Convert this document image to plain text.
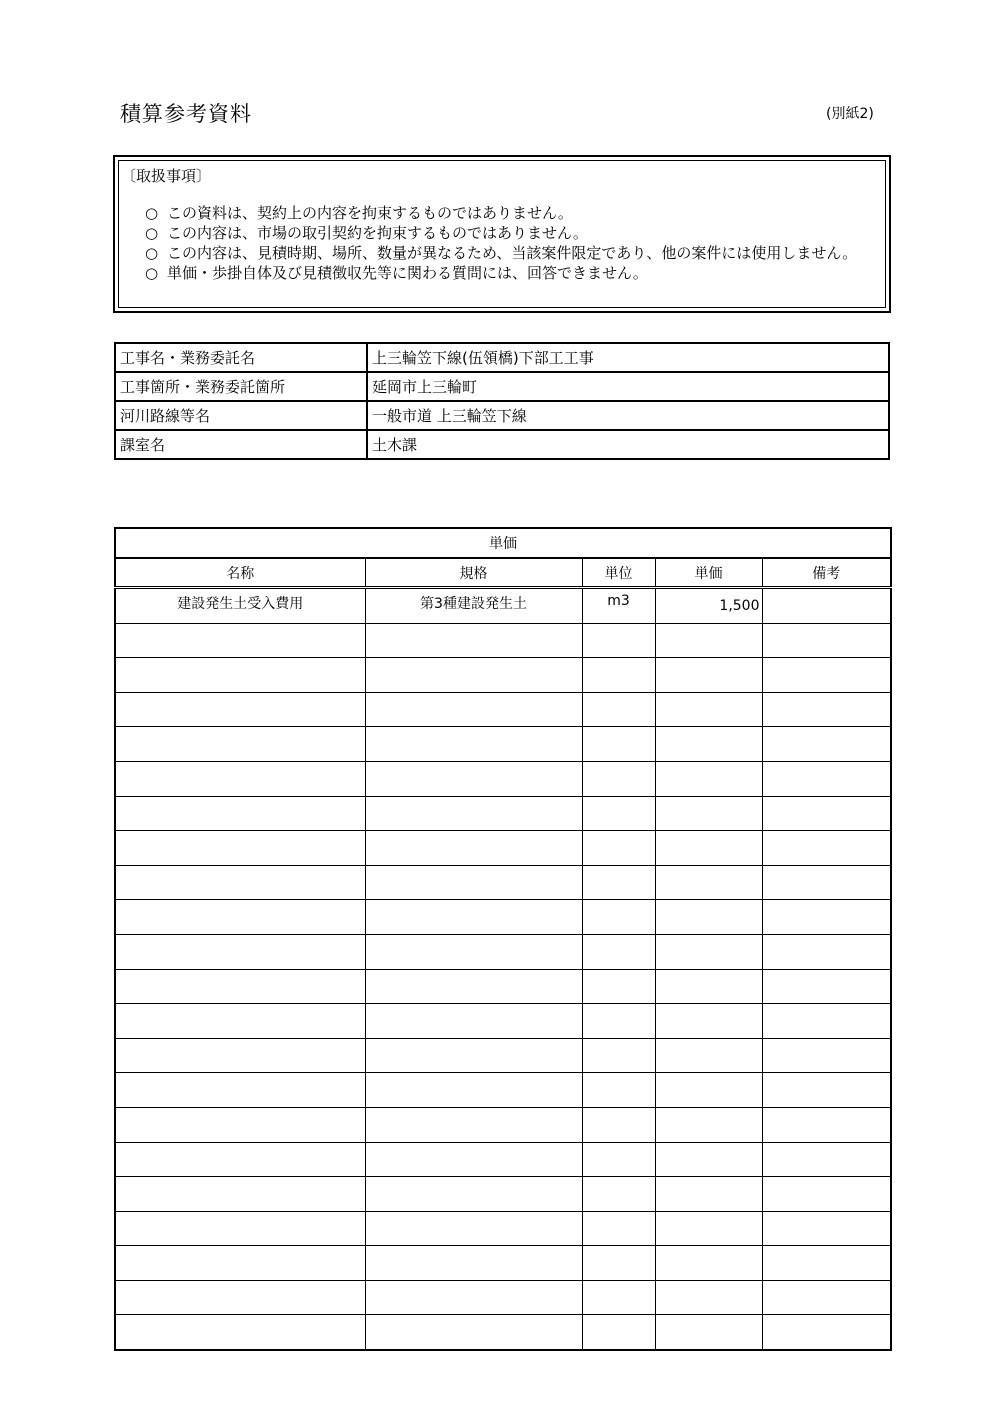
積算参考資料	(別紙2)
〔取扱事項〕
○ この資料は、契約上の内容を拘束するものではありません。
○ この内容は、市場の取引契約を拘束するものではありません。
○ この内容は、見積時期、場所、数量が異なるため、当該案件限定であり、他の案件には使用しません。
○ 単価・歩掛自体及び見積徴収先等に関わる質問には、回答できません。
工事名・業務委託名	上三輪笠下線(伍領橋)下部工工事
工事箇所・業務委託箇所	延岡市上三輪町
河川路線等名	一般市道 上三輪笠下線
課室名	土木課
単価				
名称	規格	単位	単価	備考
建設発生土受入費用	第3種建設発生土	m3	1,500	
